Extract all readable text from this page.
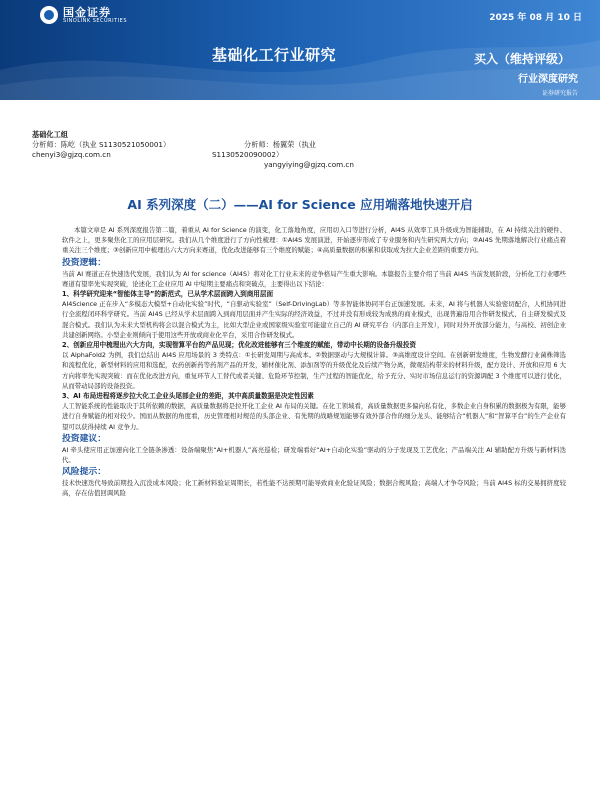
国金证券
SINOLINK SECURITIES	2025 年 08 月 10 日
基础化工行业研究	买入（维持评级）
行业深度研究
证券研究报告
基础化工组
分析师：陈屹（执业 S1130521050001）
chenyi3@gjzq.com.cn
分析师：杨翼荣（执业
S1130520090002）
yangyiying@gjzq.com.cn
AI 系列深度（二）——AI for Science 应用端落地快速开启

本篇文章是 AI 系列深度报告第二篇，着重从 AI for Science 的演变，化工落地角度，应用切入口等进行分析，AI4S 从效率工具升级成为智能辅助，在 AI 持续关注的硬件、软件之上，更多聚焦化工的应用层研究。我们从几个维度进行了方向性梳理：①AI4S 发展演进，开始逐步形成了专业服务和内生研究两大方向；②AI4S 先期落地解决行业痛点着重关注三个维度；③创新应用中梳理出六大方向来赛道，优化改进能够有三个维度的赋能；④高质量数据的积累和获取成为拉大企业差距的重要方向。

投资逻辑：

当前 AI 赛道正在快速迭代发展，我们认为 AI for science（AI4S）将对化工行业未来的竞争格局产生重大影响。本篇报告主要介绍了当前 AI4S 当前发展阶段，分析化工行业哪些赛道有望率先实现突破，论述化工企业应用 AI 中短期主要痛点和突破点，主要得出以下结论：

1、科学研究迎来“智能体主导”的新范式，已从学术层面跨入到商用层面

AI4Science 正在步入“多模态大模型+自动化实验”时代，“自驱动实验室”（Self-DrivingLab）等多智能体协同平台正加速发展。未来，AI 将与机器人实验密切配合，人机协同进行全流程闭环科学研究。当前 AI4S 已经从学术层面跨入到商用层面并产生实际的经济效益，不过并没有形成较为成熟的商业模式，出现普遍沿用合作研发模式、自主研发模式及混合模式。我们认为未来大型机构将会以混合模式为主，比如大型企业或国家级实验室可能建立自己的 AI 研究平台（内部自主开发），同时对外开放部分能力，与高校、初创企业共建创新网络。小型企业则倾向于使用这些开放或商业化平台，采用合作研发模式。

2、创新应用中梳理出六大方向，实现智算平台的产品见现；优化改进能够有三个维度的赋能，带动中长期的设备升级投资

以 AlphaFold2 为例，我们总结出 AI4S 应用场景的 3 类特点：①长研发周期与高成本。②数据驱动与大规模计算。③高维度设计空间。在创新研发维度，生物发酵行业菌株筛选和流程优化，新型材料的应用和选配，农药创新药等药剂产品的开发，辅材催化剂、添加剂等的升级优化及后续产物分离，微观结构带来的材料升级，配方设计、开放和应用 6 大方向将率先实现突破：而在优化改进方向，重复环节人工替代或者关键、危险环节控制，生产过程的智能优化，给予充分、实时市场信息运行的资源调配 3 个维度可以进行优化，从而带动局部的设备投资。

3、AI 布局进程将逐步拉大化工企业头尾部企业的差距，其中高质量数据是决定性因素

人工智能系统的性能取决于其所依赖的数据，高质量数据将是拉开化工企业 AI 布局的关键。在化工领域看，高质量数据更多偏向私有化，多数企业自身积累的数据极为有限，能够进行自身赋能的相对较少。国而从数据的角度看，历史管理相对规范的头部企业、有先期的战略规划能够有效外部合作的细分龙头、能够结合“机器人”和“智算平台”的生产企业有望可以获得持续 AI 竞争力。

投资建议：

AI 牵头使应用正加速向化工全链条渗透：设备端聚焦“AI+机器人”高亮巡检；研发端看好“AI+自动化实验”驱动的分子发现及工艺优化；产品端关注 AI 辅助配方升级与新材料迭代。

风险提示：

技术快速迭代导致前期投入沉没成本风险；化工新材料验证周期长，若性能不达预期可能导致商业化验证风险；数据合规风险；高端人才争夺风险；当前 AI4S 标的交易拥挤度较高，存在估值回调风险
